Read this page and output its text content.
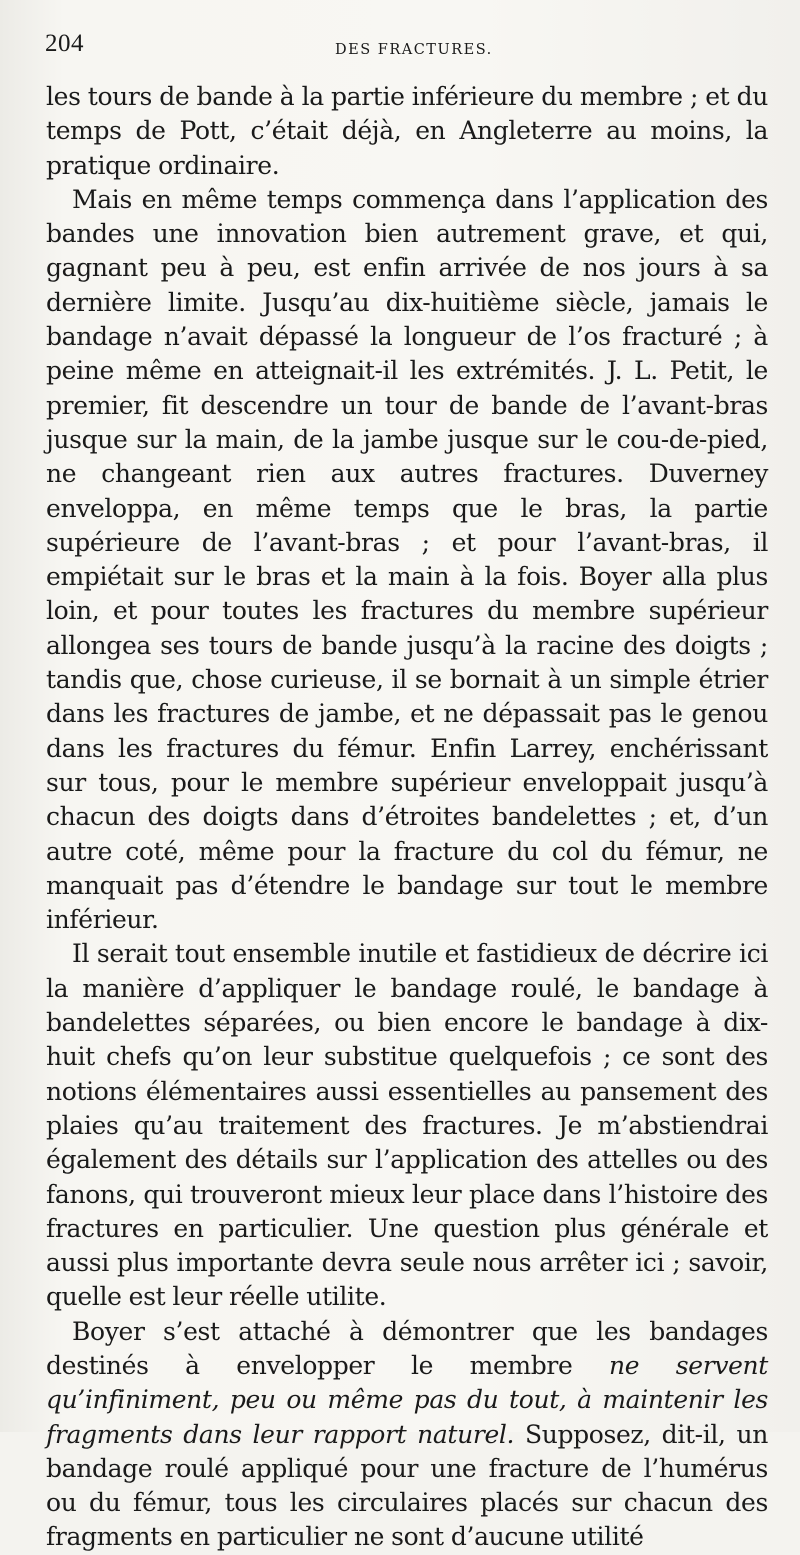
204	DES FRACTURES.

les tours de bande à la partie inférieure du membre ; et du temps de Pott, c’était déjà, en Angleterre au moins, la pratique ordinaire.

Mais en même temps commença dans l’application des bandes une innovation bien autrement grave, et qui, gagnant peu à peu, est enfin arrivée de nos jours à sa dernière limite. Jusqu’au dix-huitième siècle, jamais le bandage n’avait dépassé la longueur de l’os fracturé ; à peine même en atteignait-il les extrémités. J. L. Petit, le premier, fit descendre un tour de bande de l’avant-bras jusque sur la main, de la jambe jusque sur le cou-de-pied, ne changeant rien aux autres fractures. Duverney enveloppa, en même temps que le bras, la partie supérieure de l’avant-bras ; et pour l’avant-bras, il empiétait sur le bras et la main à la fois. Boyer alla plus loin, et pour toutes les fractures du membre supérieur allongea ses tours de bande jusqu’à la racine des doigts ; tandis que, chose curieuse, il se bornait à un simple étrier dans les fractures de jambe, et ne dépassait pas le genou dans les fractures du fémur. Enfin Larrey, enchérissant sur tous, pour le membre supérieur enveloppait jusqu’à chacun des doigts dans d’étroites bandelettes ; et, d’un autre coté, même pour la fracture du col du fémur, ne manquait pas d’étendre le bandage sur tout le membre inférieur.

Il serait tout ensemble inutile et fastidieux de décrire ici la manière d’appliquer le bandage roulé, le bandage à bandelettes séparées, ou bien encore le bandage à dix-huit chefs qu’on leur substitue quelquefois ; ce sont des notions élémentaires aussi essentielles au pansement des plaies qu’au traitement des fractures. Je m’abstiendrai également des détails sur l’application des attelles ou des fanons, qui trouveront mieux leur place dans l’histoire des fractures en particulier. Une question plus générale et aussi plus importante devra seule nous arrêter ici ; savoir, quelle est leur réelle utilite.

Boyer s’est attaché à démontrer que les bandages destinés à envelopper le membre ne servent qu’infiniment, peu ou même pas du tout, à maintenir les fragments dans leur rapport naturel. Supposez, dit-il, un bandage roulé appliqué pour une fracture de l’humérus ou du fémur, tous les circulaires placés sur chacun des fragments en particulier ne sont d’aucune utilité
